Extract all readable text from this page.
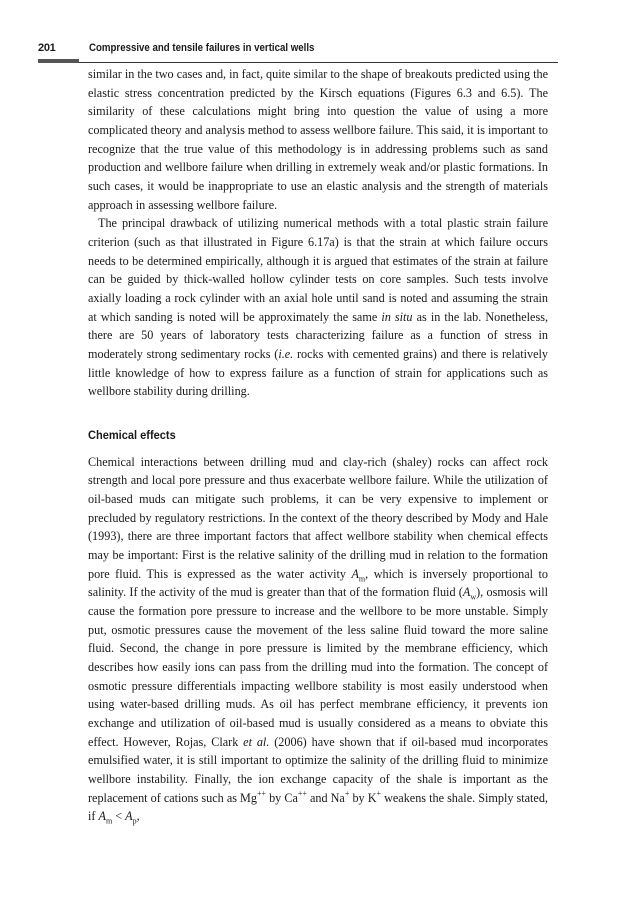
201	Compressive and tensile failures in vertical wells

similar in the two cases and, in fact, quite similar to the shape of breakouts predicted using the elastic stress concentration predicted by the Kirsch equations (Figures 6.3 and 6.5). The similarity of these calculations might bring into question the value of using a more complicated theory and analysis method to assess wellbore failure. This said, it is important to recognize that the true value of this methodology is in addressing problems such as sand production and wellbore failure when drilling in extremely weak and/or plastic formations. In such cases, it would be inappropriate to use an elastic analysis and the strength of materials approach in assessing wellbore failure.

The principal drawback of utilizing numerical methods with a total plastic strain failure criterion (such as that illustrated in Figure 6.17a) is that the strain at which failure occurs needs to be determined empirically, although it is argued that estimates of the strain at failure can be guided by thick-walled hollow cylinder tests on core samples. Such tests involve axially loading a rock cylinder with an axial hole until sand is noted and assuming the strain at which sanding is noted will be approximately the same in situ as in the lab. Nonetheless, there are 50 years of laboratory tests characterizing failure as a function of stress in moderately strong sedimentary rocks (i.e. rocks with cemented grains) and there is relatively little knowledge of how to express failure as a function of strain for applications such as wellbore stability during drilling.

Chemical effects

Chemical interactions between drilling mud and clay-rich (shaley) rocks can affect rock strength and local pore pressure and thus exacerbate wellbore failure. While the utilization of oil-based muds can mitigate such problems, it can be very expensive to implement or precluded by regulatory restrictions. In the context of the theory described by Mody and Hale (1993), there are three important factors that affect wellbore stability when chemical effects may be important: First is the relative salinity of the drilling mud in relation to the formation pore fluid. This is expressed as the water activity $A_m$, which is inversely proportional to salinity. If the activity of the mud is greater than that of the formation fluid $(A_w)$, osmosis will cause the formation pore pressure to increase and the wellbore to be more unstable. Simply put, osmotic pressures cause the movement of the less saline fluid toward the more saline fluid. Second, the change in pore pressure is limited by the membrane efficiency, which describes how easily ions can pass from the drilling mud into the formation. The concept of osmotic pressure differentials impacting wellbore stability is most easily understood when using water-based drilling muds. As oil has perfect membrane efficiency, it prevents ion exchange and utilization of oil-based mud is usually considered as a means to obviate this effect. However, Rojas, Clark et al. (2006) have shown that if oil-based mud incorporates emulsified water, it is still important to optimize the salinity of the drilling fluid to minimize wellbore instability. Finally, the ion exchange capacity of the shale is important as the replacement of cations such as Mg++ by Ca++ and Na+ by K+ weakens the shale. Simply stated, if $A_m < A_p$,
